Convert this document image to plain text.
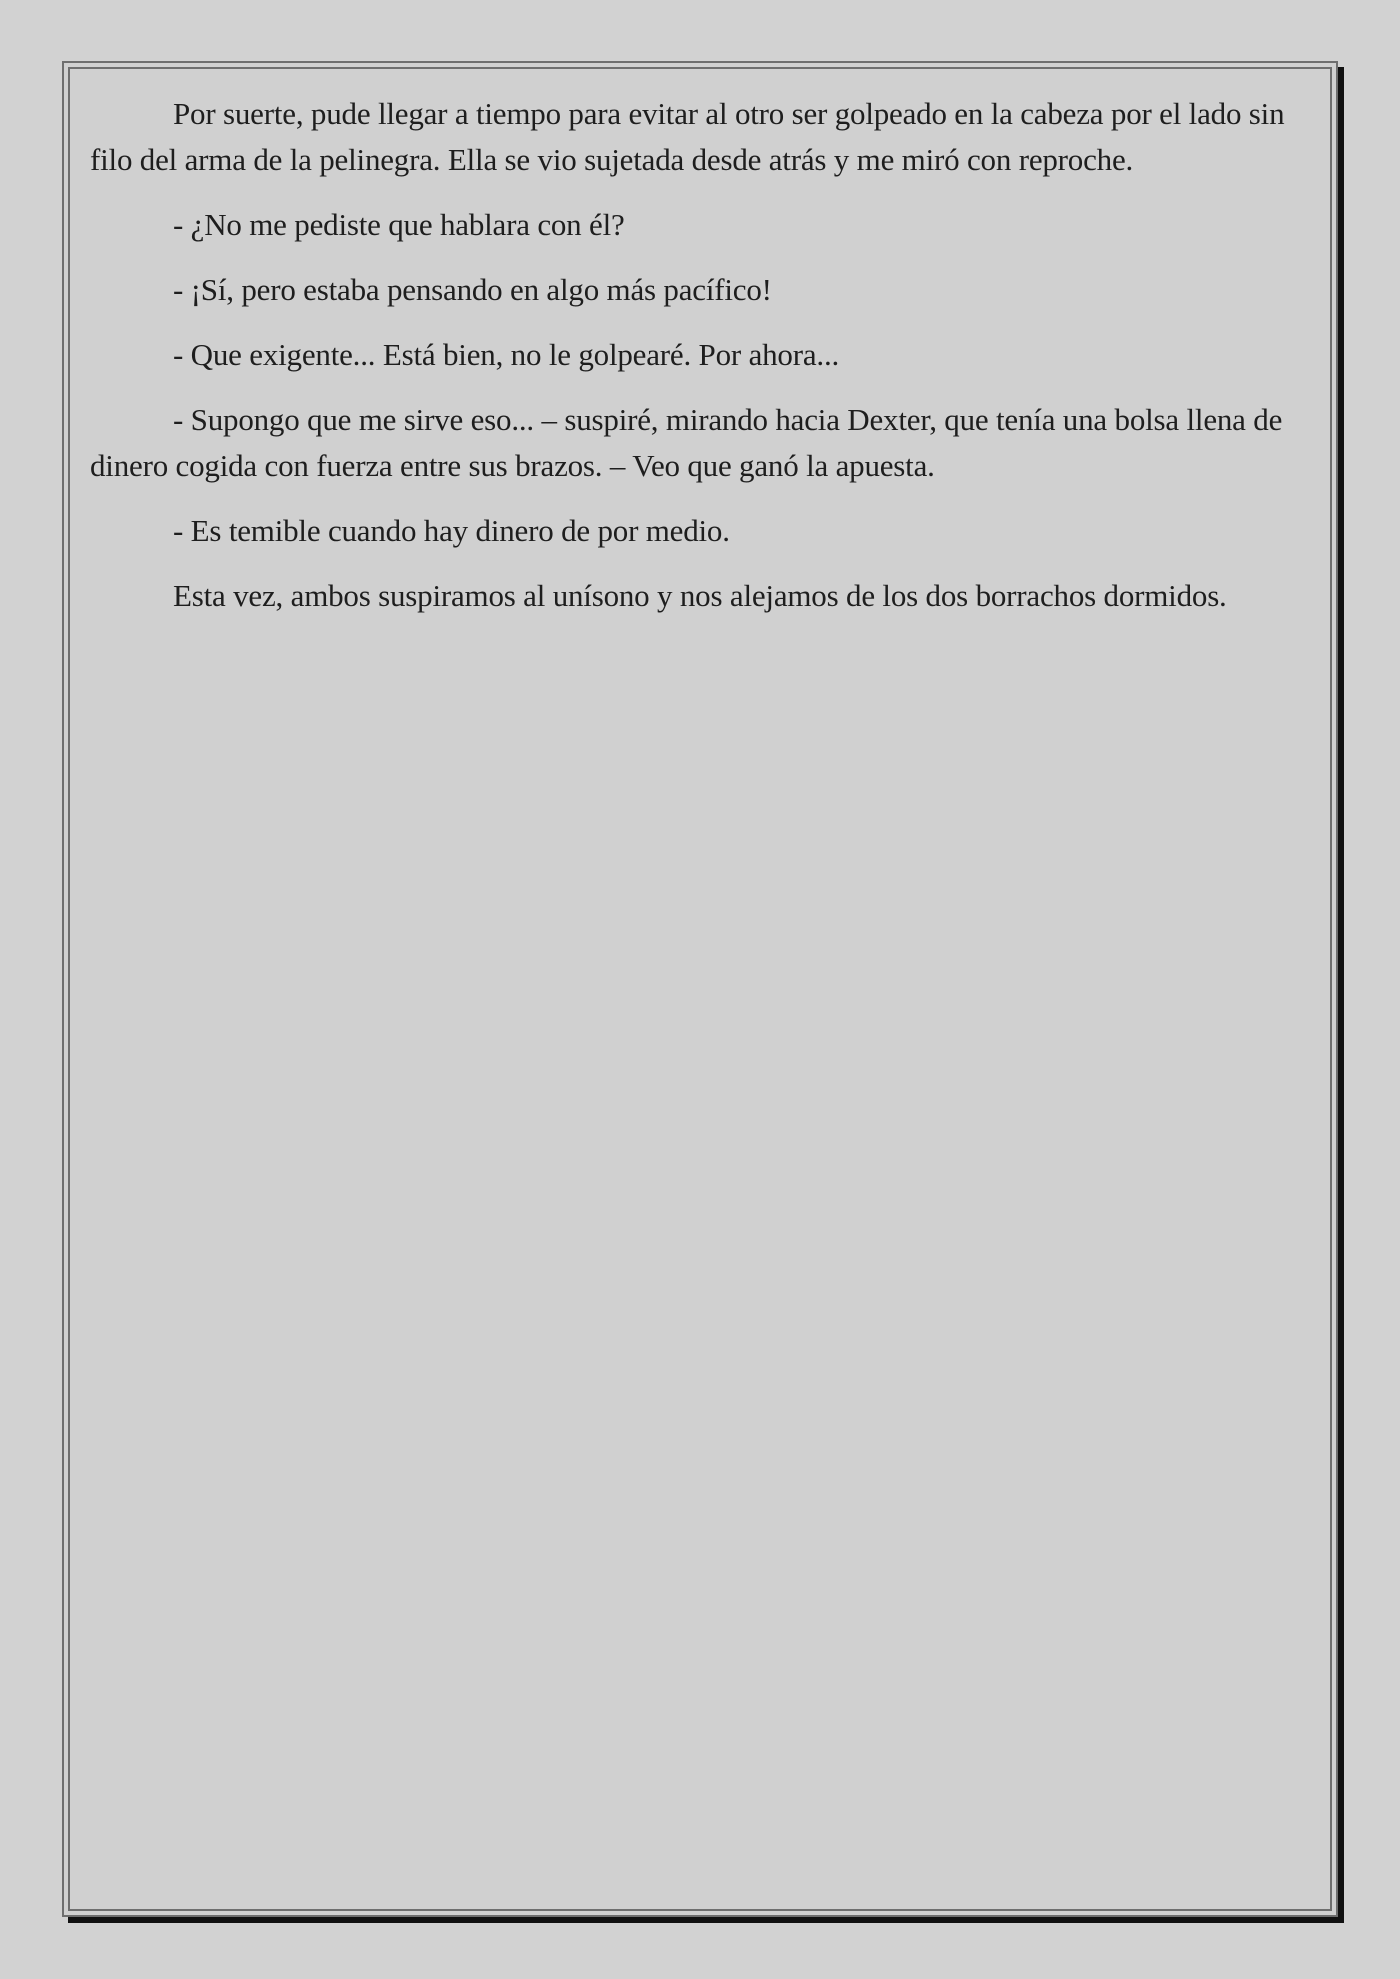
Por suerte, pude llegar a tiempo para evitar al otro ser golpeado en la cabeza por el lado sin filo del arma de la pelinegra. Ella se vio sujetada desde atrás y me miró con reproche.

- ¿No me pediste que hablara con él?

- ¡Sí, pero estaba pensando en algo más pacífico!

- Que exigente... Está bien, no le golpearé. Por ahora...

- Supongo que me sirve eso... – suspiré, mirando hacia Dexter, que tenía una bolsa llena de dinero cogida con fuerza entre sus brazos. – Veo que ganó la apuesta.

- Es temible cuando hay dinero de por medio.

Esta vez, ambos suspiramos al unísono y nos alejamos de los dos borrachos dormidos.
